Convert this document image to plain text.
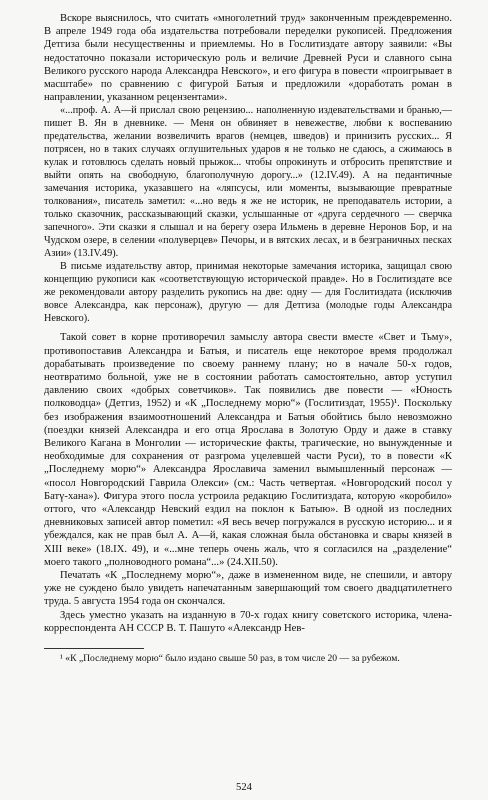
Вскоре выяснилось, что считать «многолетний труд» законченным преждевременно. В апреле 1949 года оба издательства потребовали переделки рукописей. Предложения Детгиза были несущественны и приемлемы. Но в Гослитиздате автору заявили: «Вы недостаточно показали историческую роль и величие Древней Руси и славного сына Великого русского народа Александра Невского», и его фигура в повести «проигрывает в масштабе» по сравнению с фигурой Батыя и предложили «доработать роман в направлении, указанном рецензентами».

«...проф. А. А—й прислал свою рецензию... наполненную издевательствами и бранью,— пишет В. Ян в дневнике. — Меня он обвиняет в невежестве, любви к воспеванию предательства, желании возвеличить врагов (немцев, шведов) и принизить русских... Я потрясен, но в таких случаях оглушительных ударов я не только не сдаюсь, а сжимаюсь в кулак и готовлюсь сделать новый прыжок... чтобы опрокинуть и отбросить препятствие и выйти опять на свободную, благополучную дорогу...» (12.IV.49). А на педантичные замечания историка, указавшего на «ляпсусы, или моменты, вызывающие превратные толкования», писатель заметил: «...но ведь я же не историк, не преподаватель истории, а только сказочник, рассказывающий сказки, услышанные от «друга сердечного — сверчка запечного». Эти сказки я слышал и на берегу озера Ильмень в деревне Неронов Бор, и на Чудском озере, в селении «полуверцев» Печоры, и в вятских лесах, и в безграничных песках Азии» (13.IV.49).

В письме издательству автор, принимая некоторые замечания историка, защищал свою концепцию рукописи как «соответствующую исторической правде». Но в Гослитиздате все же рекомендовали автору разделить рукопись на две: одну — для Гослитиздата (исключив вовсе Александра, как персонаж), другую — для Детгиза (молодые годы Александра Невского).

Такой совет в корне противоречил замыслу автора свести вместе «Свет и Тьму», противопоставив Александра и Батыя, и писатель еще некоторое время продолжал дорабатывать произведение по своему раннему плану; но в начале 50-х годов, неотвратимо больной, уже не в состоянии работать самостоятельно, автор уступил давлению своих «добрых советчиков». Так появились две повести — «Юность полководца» (Детгиз, 1952) и «К „Последнему морю“» (Гослитиздат, 1955)¹. Поскольку без изображения взаимоотношений Александра и Батыя обойтись было невозможно (поездки князей Александра и его отца Ярослава в Золотую Орду и даже в ставку Великого Кагана в Монголии — исторические факты, трагические, но вынужденные и необходимые для сохранения от разгрома уцелевшей части Руси), то в повести «К „Последнему морю“» Александра Ярославича заменил вымышленный персонаж — «посол Новгородский Гаврила Олекси» (см.: Часть четвертая. «Новгородский посол у Батү-хана»). Фигура этого посла устроила редакцию Гослитиздата, которую «коробило» оттого, что «Александр Невский ездил на поклон к Батыю». В одной из последних дневниковых записей автор пометил: «Я весь вечер погружался в русскую историю... и я убеждался, как не прав был А. А—й, какая сложная была обстановка и свары князей в XIII веке» (18.IX. 49), и «...мне теперь очень жаль, что я согласился на „разделение“ моего такого „полноводного романа“...» (24.XII.50).

Печатать «К „Последнему морю“», даже в измененном виде, не спешили, и автору уже не суждено было увидеть напечатанным завершающий том своего двадцатилетнего труда. 5 августа 1954 года он скончался.

Здесь уместно указать на изданную в 70-х годах книгу советского историка, члена-корреспондента АН СССР В. Т. Пашуто «Александр Нев-

¹ «К „Последнему морю“ было издано свыше 50 раз, в том числе 20 — за рубежом.

524
